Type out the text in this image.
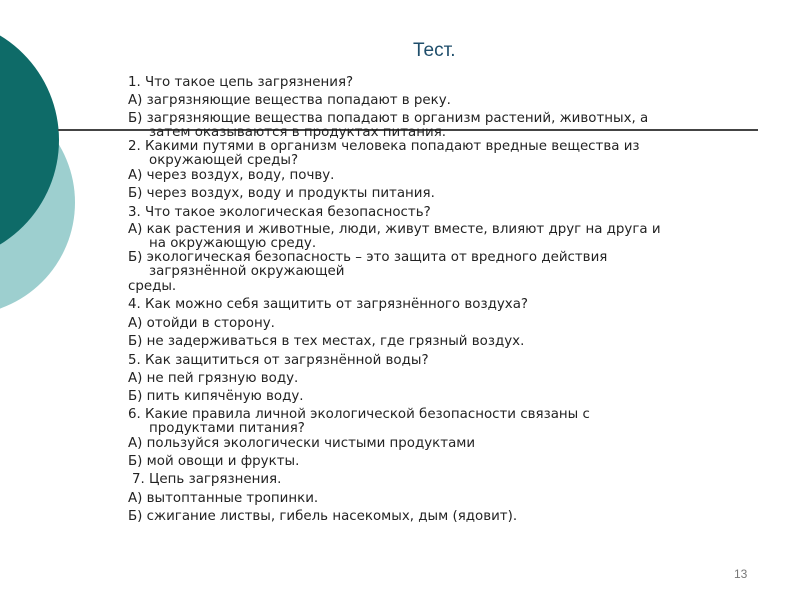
Тест.
1. Что такое цепь загрязнения?
А) загрязняющие вещества попадают в реку.
Б) загрязняющие вещества попадают в организм растений, животных, а
затем оказываются в продуктах питания.
2. Какими путями в организм человека попадают вредные вещества из
окружающей среды?
А) через воздух, воду, почву.
Б) через воздух, воду и продукты питания.
3. Что такое экологическая безопасность?
А) как растения и животные, люди, живут вместе, влияют друг на друга и
на окружающую среду.
Б) экологическая безопасность – это защита от вредного действия
загрязнённой окружающей
среды.
4. Как можно себя защитить от загрязнённого воздуха?
А) отойди в сторону.
Б) не задерживаться в тех местах, где грязный воздух.
5. Как защититься от загрязнённой воды?
А) не пей грязную воду.
Б) пить кипячёную воду.
6. Какие правила личной экологической безопасности связаны с
продуктами питания?
А) пользуйся экологически чистыми продуктами
Б) мой овощи и фрукты.
7. Цепь загрязнения.
А) вытоптанные тропинки.
Б) сжигание листвы, гибель насекомых, дым (ядовит).
13
